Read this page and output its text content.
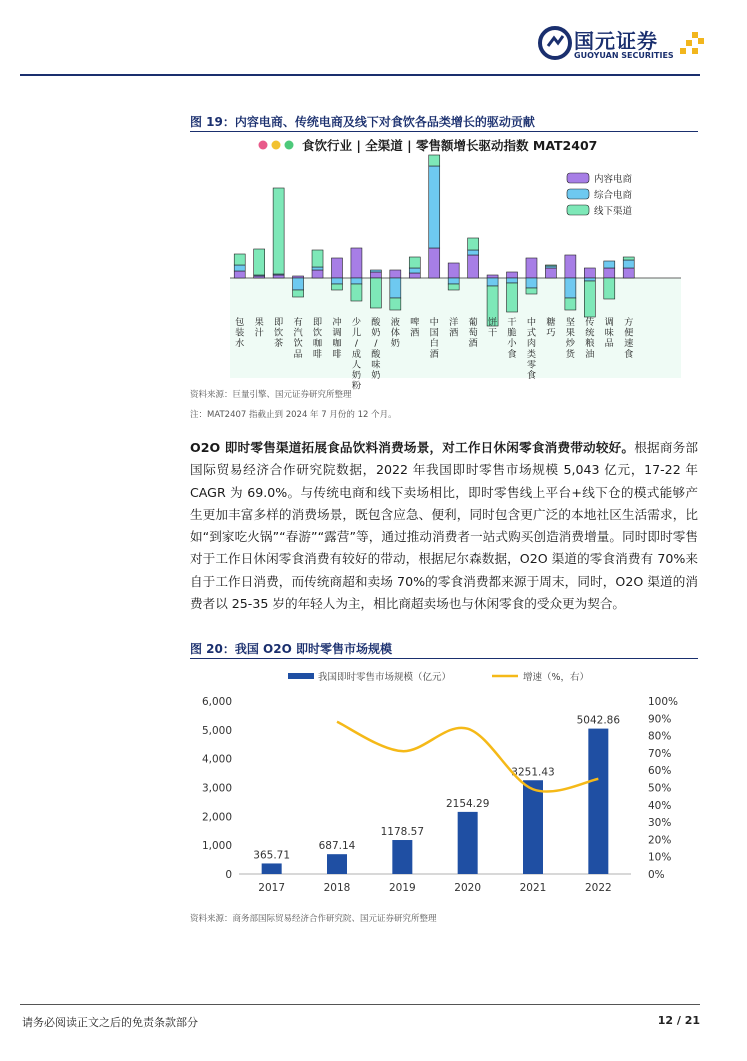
国元证券
GUOYUAN SECURITIES
图 19：内容电商、传统电商及线下对食饮各品类增长的驱动贡献
食饮行业 | 全渠道 | 零售额增长驱动指数 MAT2407
内容电商
综合电商
线下渠道
包装水
果汁
即饮茶
有汽饮品
即饮咖啡
冲调咖啡
少儿/成人奶粉
酸奶/酸味奶
液体奶
啤酒
中国白酒
洋酒
葡萄酒
饼干
干脆小食
中式肉类零食
糖巧
坚果炒货
传统粮油
调味品
方便速食
资料来源：巨量引擎、国元证券研究所整理
注：MAT2407 指截止到 2024 年 7 月份的 12 个月。

O2O 即时零售渠道拓展食品饮料消费场景，对工作日休闲零食消费带动较好。根据商务部国际贸易经济合作研究院数据，2022 年我国即时零售市场规模 5,043 亿元，17-22 年 CAGR 为 69.0%。与传统电商和线下卖场相比，即时零售线上平台+线下仓的模式能够产生更加丰富多样的消费场景，既包含应急、便利，同时包含更广泛的本地社区生活需求，比如“到家吃火锅”“春游”“露营”等，通过推动消费者一站式购买创造消费增量。同时即时零售对于工作日休闲零食消费有较好的带动，根据尼尔森数据，O2O 渠道的零食消费有 70%来自于工作日消费，而传统商超和卖场 70%的零食消费都来源于周末，同时，O2O 渠道的消费者以 25-35 岁的年轻人为主，相比商超卖场也与休闲零食的受众更为契合。

图 20：我国 O2O 即时零售市场规模
我国即时零售市场规模（亿元）	增速（%，右）
0
1,000
2,000
3,000
4,000
5,000
6,000
0%
10%
20%
30%
40%
50%
60%
70%
80%
90%
100%
2017	2018	2019	2020	2021	2022
365.71
687.14
1178.57
2154.29
3251.43
5042.86
资料来源：商务部国际贸易经济合作研究院、国元证券研究所整理
请务必阅读正文之后的免责条款部分	12 / 21
